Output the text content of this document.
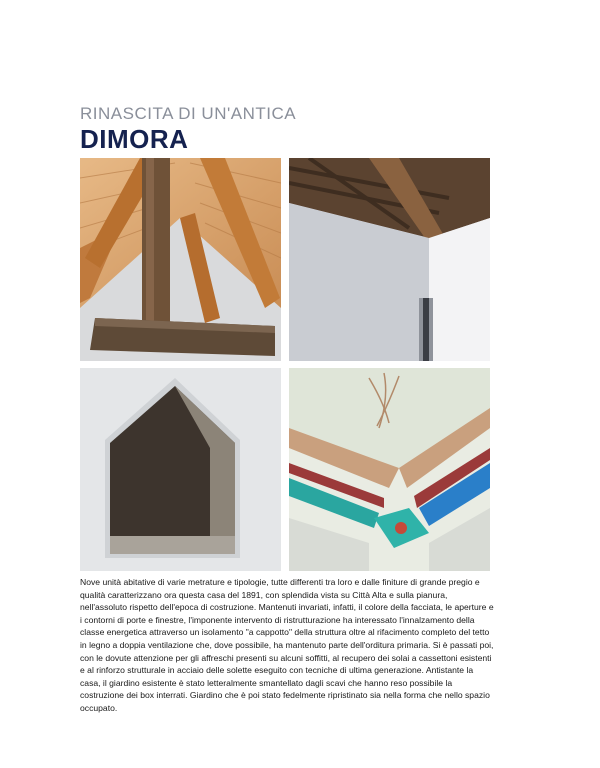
RINASCITA DI UN'ANTICA
DIMORA
Nove unità abitative di varie metrature e tipologie, tutte differenti tra loro e dalle finiture di grande pregio e qualità caratterizzano ora questa casa del 1891, con splendida vista su Città Alta e sulla pianura, nell'assoluto rispetto dell'epoca di costruzione. Mantenuti invariati, infatti, il colore della facciata, le aperture e i contorni di porte e finestre, l'imponente intervento di ristrutturazione ha interessato l'innalzamento della classe energetica attraverso un isolamento "a cappotto" della struttura oltre al rifacimento completo del tetto in legno a doppia ventilazione che, dove possibile, ha mantenuto parte dell'orditura primaria. Si è passati poi, con le dovute attenzione per gli affreschi presenti su alcuni soffitti, al recupero dei solai a cassettoni esistenti e al rinforzo strutturale in acciaio delle solette eseguito con tecniche di ultima generazione. Antistante la casa, il giardino esistente è stato letteralmente smantellato dagli scavi che hanno reso possibile la costruzione dei box interrati. Giardino che è poi stato fedelmente ripristinato sia nella forma che nello spazio occupato.
